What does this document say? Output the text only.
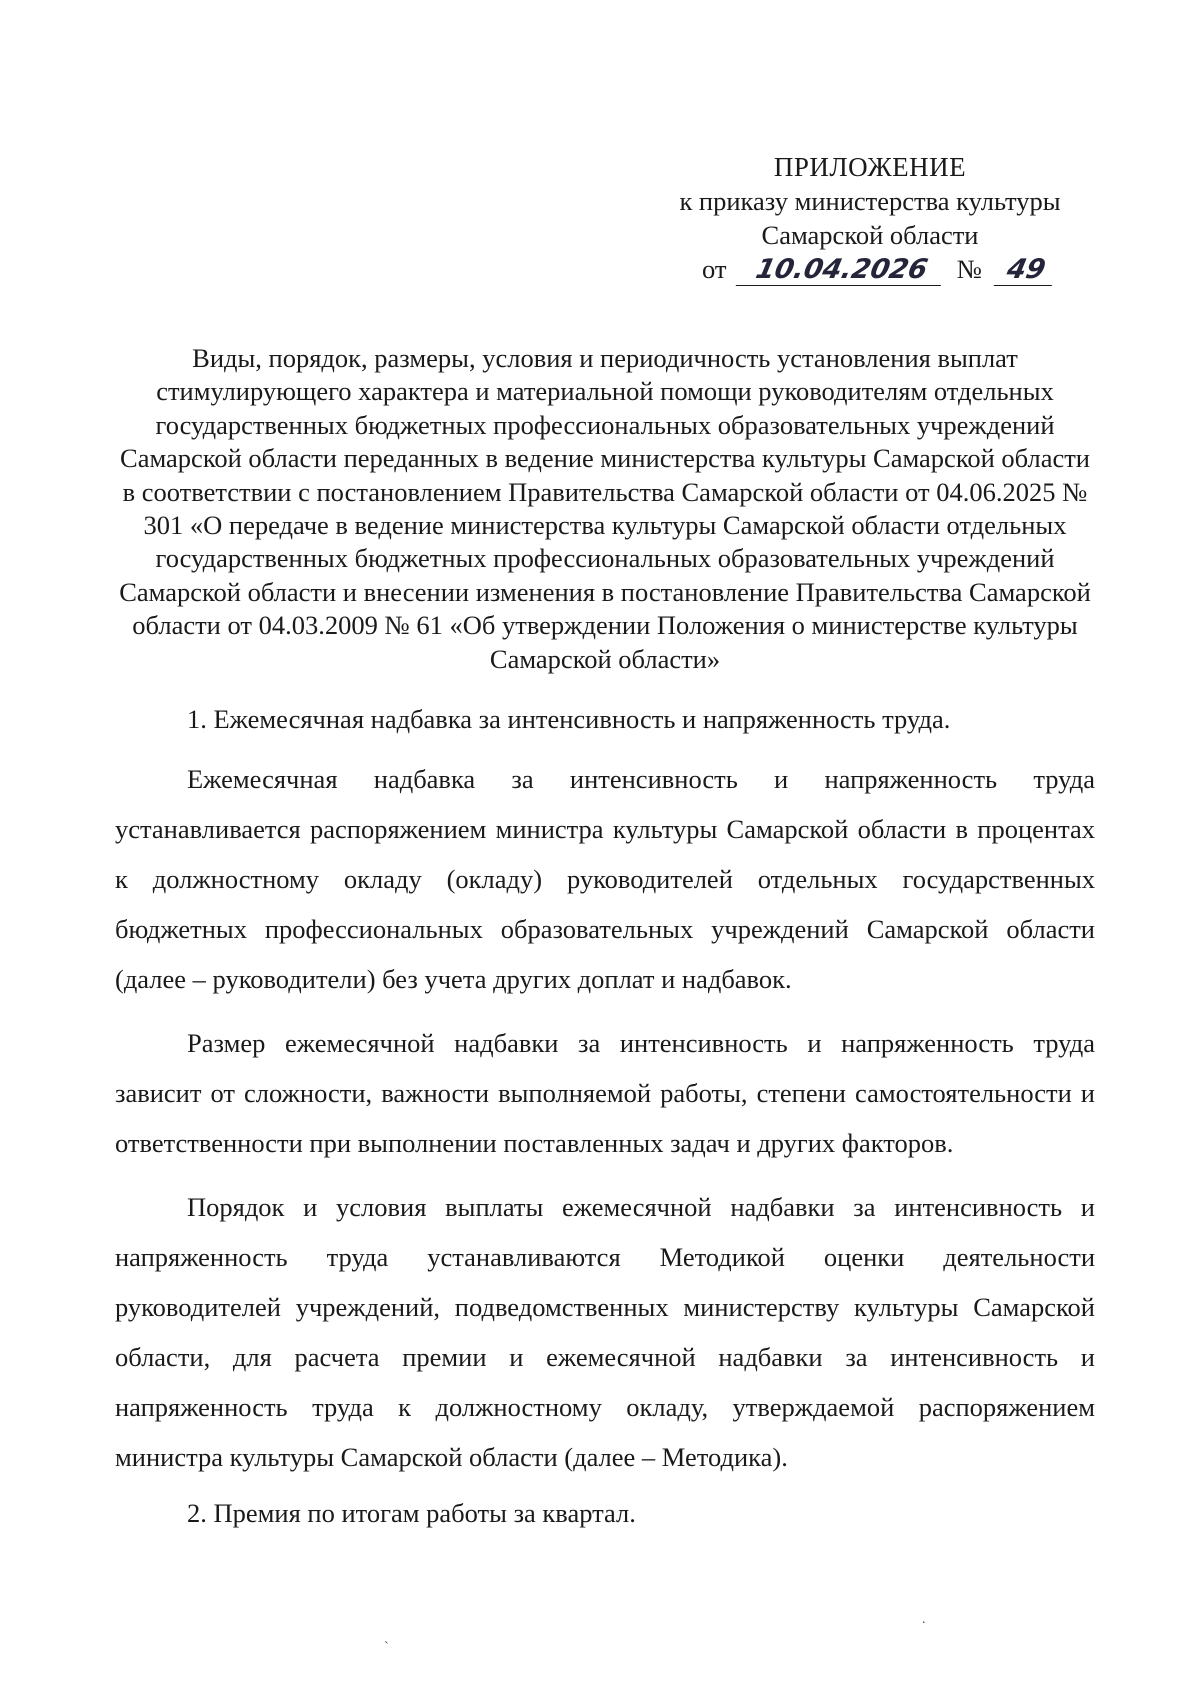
ПРИЛОЖЕНИЕ
к приказу министерства культуры
Самарской области
от 10.04.2026 № 49
Виды, порядок, размеры, условия и периодичность установления выплат стимулирующего характера и материальной помощи руководителям отдельных государственных бюджетных профессиональных образовательных учреждений Самарской области переданных в ведение министерства культуры Самарской области в соответствии с постановлением Правительства Самарской области от 04.06.2025 № 301 «О передаче в ведение министерства культуры Самарской области отдельных государственных бюджетных профессиональных образовательных учреждений Самарской области и внесении изменения в постановление Правительства Самарской области от 04.03.2009 № 61 «Об утверждении Положения о министерстве культуры Самарской области»

1. Ежемесячная надбавка за интенсивность и напряженность труда.

Ежемесячная надбавка за интенсивность и напряженность труда устанавливается распоряжением министра культуры Самарской области в процентах к должностному окладу (окладу) руководителей отдельных государственных бюджетных профессиональных образовательных учреждений Самарской области (далее – руководители) без учета других доплат и надбавок.

Размер ежемесячной надбавки за интенсивность и напряженность труда зависит от сложности, важности выполняемой работы, степени самостоятельности и ответственности при выполнении поставленных задач и других факторов.

Порядок и условия выплаты ежемесячной надбавки за интенсивность и напряженность труда устанавливаются Методикой оценки деятельности руководителей учреждений, подведомственных министерству культуры Самарской области, для расчета премии и ежемесячной надбавки за интенсивность и напряженность труда к должностному окладу, утверждаемой распоряжением министра культуры Самарской области (далее – Методика).

2. Премия по итогам работы за квартал.

`
.
